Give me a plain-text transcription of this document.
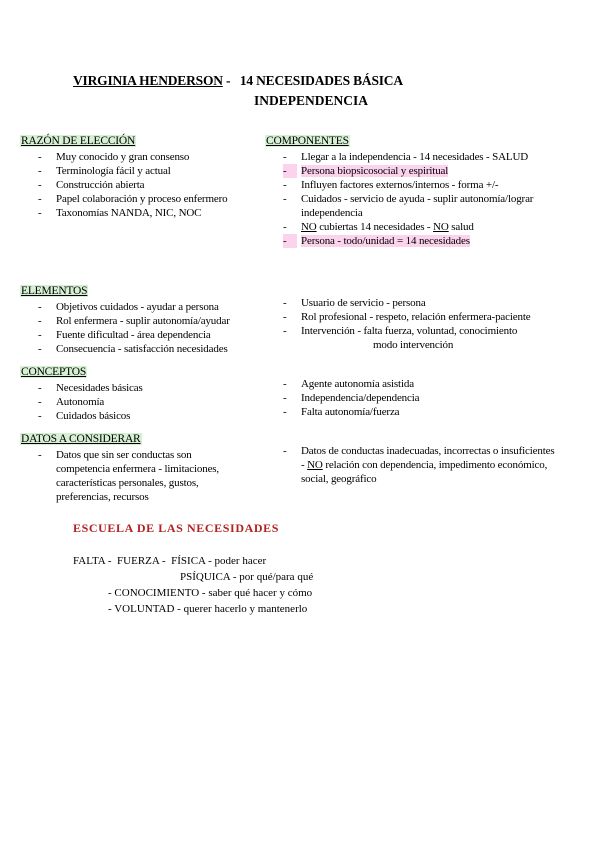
VIRGINIA HENDERSON -   14 NECESIDADES BÁSICA
INDEPENDENCIA
RAZÓN DE ELECCIÓN
- Muy conocido y gran consenso
- Terminología fácil y actual
- Construcción abierta
- Papel colaboración y proceso enfermero
- Taxonomías NANDA, NIC, NOC
COMPONENTES
- Llegar a la independencia - 14 necesidades - SALUD
-	Persona biopsicosocial y espiritual
- Influyen factores externos/internos - forma +/-
- Cuidados - servicio de ayuda - suplir autonomía/lograr independencia
- NO cubiertas 14 necesidades - NO salud
-	Persona - todo/unidad = 14 necesidades
ELEMENTOS
- Objetivos cuidados - ayudar a persona
- Rol enfermera - suplir autonomía/ayudar
- Fuente dificultad - área dependencia
- Consecuencia - satisfacción necesidades
- Usuario de servicio - persona
- Rol profesional - respeto, relación enfermera-paciente
- Intervención - falta fuerza, voluntad, conocimiento
modo intervención
CONCEPTOS
- Necesidades básicas
- Autonomía
- Cuidados básicos
- Agente autonomía asistida
- Independencia/dependencia
- Falta autonomía/fuerza
DATOS A CONSIDERAR
- Datos que sin ser conductas son competencia enfermera - limitaciones, características personales, gustos, preferencias, recursos
- Datos de conductas inadecuadas, incorrectas o insuficientes - NO relación con dependencia, impedimento económico, social, geográfico
ESCUELA DE LAS NECESIDADES
FALTA -  FUERZA -  FÍSICA - poder hacer
PSÍQUICA - por qué/para qué
- CONOCIMIENTO - saber qué hacer y cómo
- VOLUNTAD - querer hacerlo y mantenerlo
